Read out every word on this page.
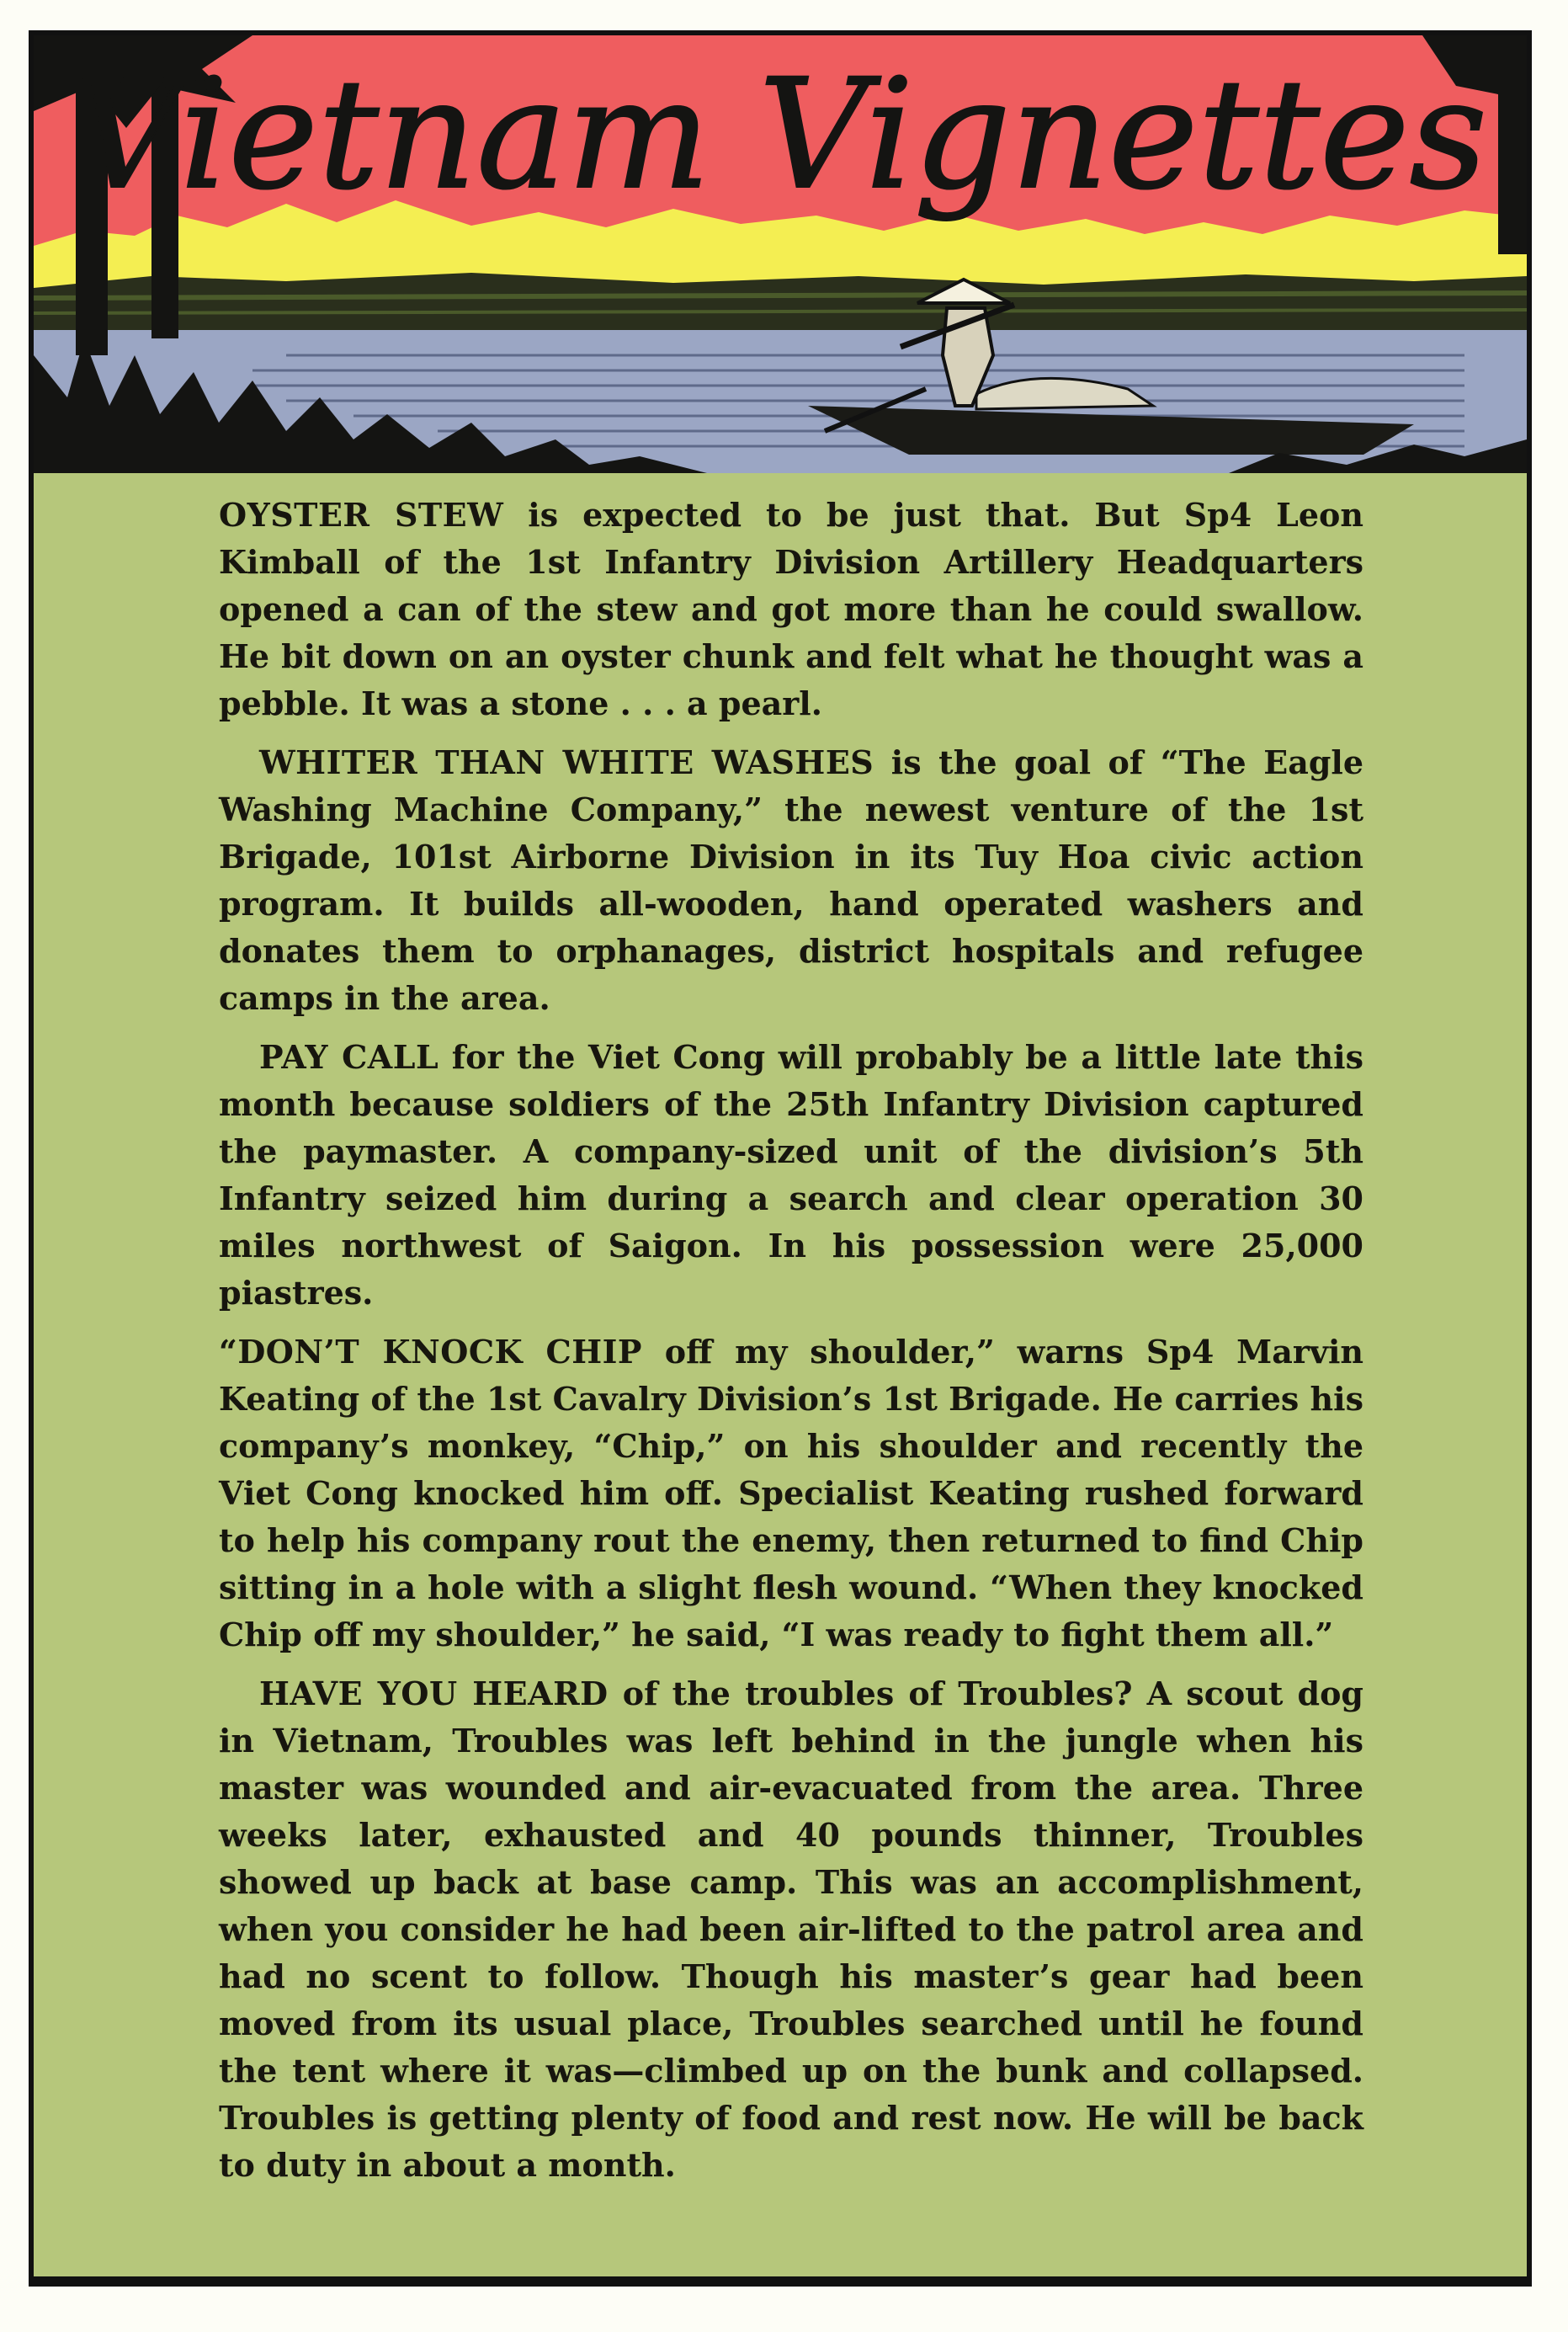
Vietnam Vignettes

OYSTER STEW is expected to be just that. But Sp4 Leon Kimball of the 1st Infantry Division Artillery Headquarters opened a can of the stew and got more than he could swallow. He bit down on an oyster chunk and felt what he thought was a pebble. It was a stone . . . a pearl.

WHITER THAN WHITE WASHES is the goal of “The Eagle Washing Machine Company,” the newest venture of the 1st Brigade, 101st Airborne Division in its Tuy Hoa civic action program. It builds all-wooden, hand operated washers and donates them to orphanages, district hospitals and refugee camps in the area.

PAY CALL for the Viet Cong will probably be a little late this month because soldiers of the 25th Infantry Division captured the paymaster. A company-sized unit of the division’s 5th Infantry seized him during a search and clear operation 30 miles northwest of Saigon. In his possession were 25,000 piastres.

“DON’T KNOCK CHIP off my shoulder,” warns Sp4 Marvin Keating of the 1st Cavalry Division’s 1st Brigade. He carries his company’s monkey, “Chip,” on his shoulder and recently the Viet Cong knocked him off. Specialist Keating rushed forward to help his company rout the enemy, then returned to find Chip sitting in a hole with a slight flesh wound. “When they knocked Chip off my shoulder,” he said, “I was ready to fight them all.”

HAVE YOU HEARD of the troubles of Troubles? A scout dog in Vietnam, Troubles was left behind in the jungle when his master was wounded and air-evacuated from the area. Three weeks later, exhausted and 40 pounds thinner, Troubles showed up back at base camp. This was an accomplishment, when you consider he had been air-lifted to the patrol area and had no scent to follow. Though his master’s gear had been moved from its usual place, Troubles searched until he found the tent where it was—climbed up on the bunk and collapsed. Troubles is getting plenty of food and rest now. He will be back to duty in about a month.
